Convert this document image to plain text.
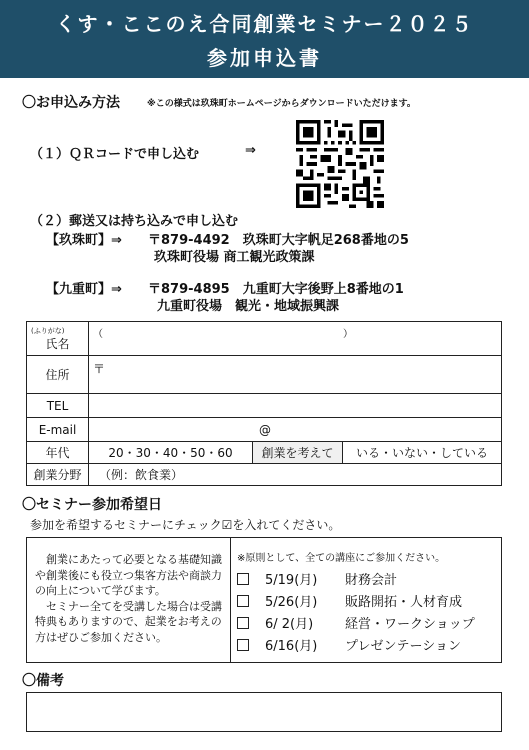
くす・ここのえ合同創業セミナー２０２５
参加申込書
〇お申込み方法	※この様式は玖珠町ホームページからダウンロードいただけます。
（１）ＱＲコードで申し込む	⇒
（２）郵送又は持ち込みで申し込む
【玖珠町】⇒ 〒879-4492　玖珠町大字帆足268番地の5
玖珠町役場 商工観光政策課
【九重町】⇒ 〒879-4895　九重町大字後野上8番地の1
九重町役場　観光・地域振興課
(ふりがな)
氏名	（　　　　　　　　　　　　　　　　　　　　　　　　）		
住所	〒		
TEL			
E-mail	@		
年代	20・30・40・50・60	創業を考えて	いる・いない・している
創業分野	（例：飲食業）		
〇セミナー参加希望日
参加を希望するセミナーにチェック☑を入れてください。

創業にあたって必要となる基礎知識や創業後にも役立つ集客方法や商談力の向上について学びます。

セミナー全てを受講した場合は受講特典もありますので、起業をお考えの方はぜひご参加ください。

※原則として、全ての講座にご参加ください。
5/19(月) 財務会計
5/26(月) 販路開拓・人材育成
6/ 2(月) 経営・ワークショップ
6/16(月) プレゼンテーション
〇備考
